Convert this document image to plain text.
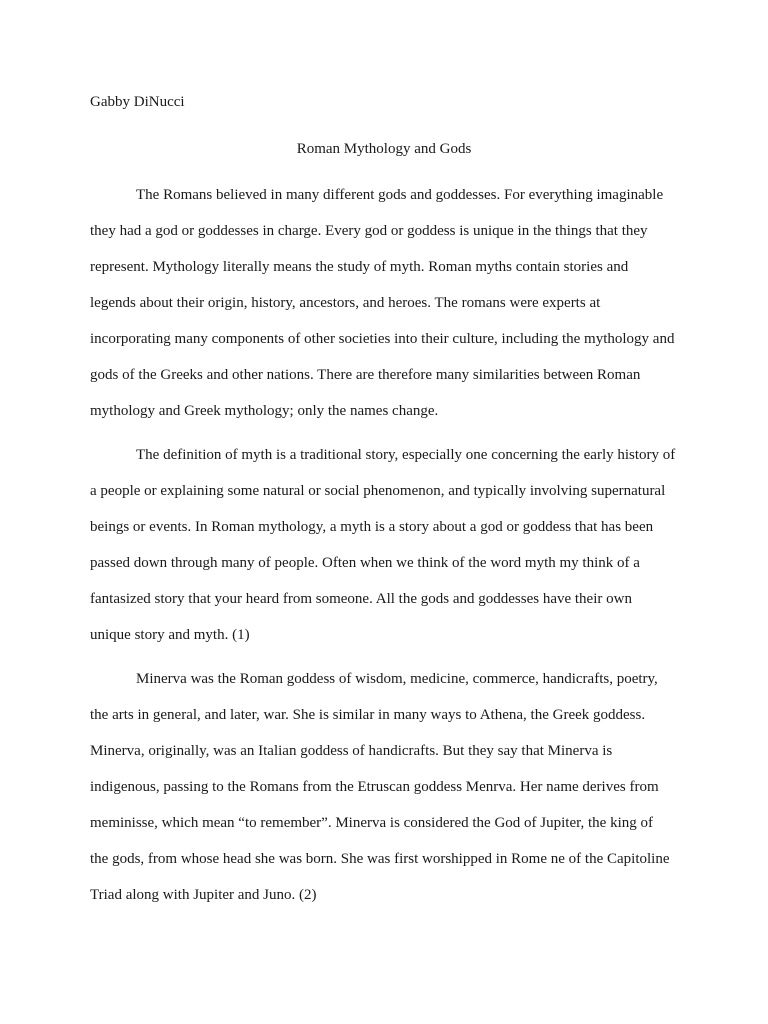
Gabby DiNucci
Roman Mythology and Gods
The Romans believed in many different gods and goddesses. For everything imaginable
they had a god or goddesses in charge. Every god or goddess is unique in the things that they
represent. Mythology literally means the study of myth. Roman myths contain stories and
legends about their origin, history, ancestors, and heroes. The romans were experts at
incorporating many components of other societies into their culture, including the mythology and
gods of the Greeks and other nations. There are therefore many similarities between Roman
mythology and Greek mythology; only the names change.
The definition of myth is a traditional story, especially one concerning the early history of
a people or explaining some natural or social phenomenon, and typically involving supernatural
beings or events. In Roman mythology, a myth is a story about a god or goddess that has been
passed down through many of people. Often when we think of the word myth my think of a
fantasized story that your heard from someone. All the gods and goddesses have their own
unique story and myth. (1)
Minerva was the Roman goddess of wisdom, medicine, commerce, handicrafts, poetry,
the arts in general, and later, war. She is similar in many ways to Athena, the Greek goddess.
Minerva, originally, was an Italian goddess of handicrafts. But they say that Minerva is
indigenous, passing to the Romans from the Etruscan goddess Menrva. Her name derives from
meminisse, which mean “to remember”. Minerva is considered the God of Jupiter, the king of
the gods, from whose head she was born. She was first worshipped in Rome ne of the Capitoline
Triad along with Jupiter and Juno. (2)
